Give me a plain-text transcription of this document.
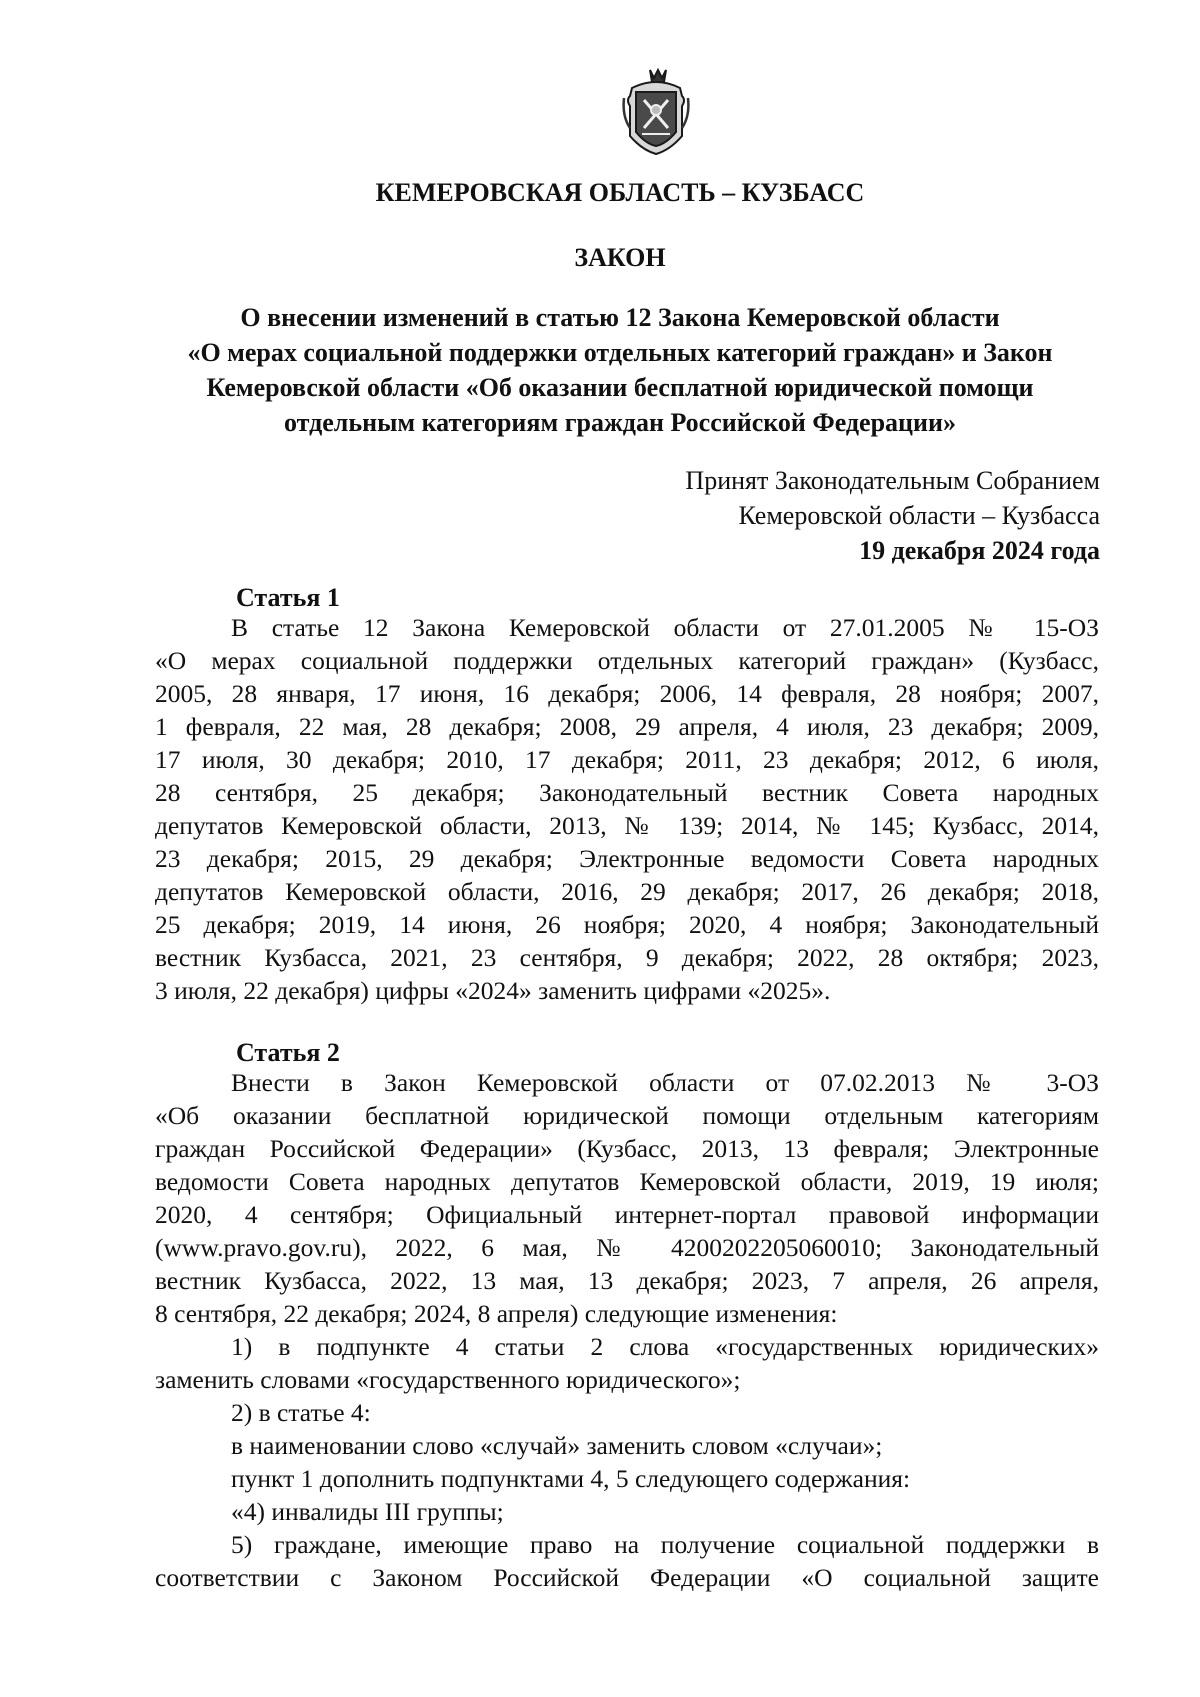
КЕМЕРОВСКАЯ ОБЛАСТЬ – КУЗБАСС
ЗАКОН
О внесении изменений в статью 12 Закона Кемеровской области
«О мерах социальной поддержки отдельных категорий граждан» и Закон
Кемеровской области «Об оказании бесплатной юридической помощи
отдельным категориям граждан Российской Федерации»
Принят Законодательным Собранием
Кемеровской области – Кузбасса
19 декабря 2024 года
Статья 1
В статье 12 Закона Кемеровской области от 27.01.2005 № 15-ОЗ
«О мерах социальной поддержки отдельных категорий граждан» (Кузбасс,
2005, 28 января, 17 июня, 16 декабря; 2006, 14 февраля, 28 ноября; 2007,
1 февраля, 22 мая, 28 декабря; 2008, 29 апреля, 4 июля, 23 декабря; 2009,
17 июля, 30 декабря; 2010, 17 декабря; 2011, 23 декабря; 2012, 6 июля,
28 сентября, 25 декабря; Законодательный вестник Совета народных
депутатов Кемеровской области, 2013, № 139; 2014, № 145; Кузбасс, 2014,
23 декабря; 2015, 29 декабря; Электронные ведомости Совета народных
депутатов Кемеровской области, 2016, 29 декабря; 2017, 26 декабря; 2018,
25 декабря; 2019, 14 июня, 26 ноября; 2020, 4 ноября; Законодательный
вестник Кузбасса, 2021, 23 сентября, 9 декабря; 2022, 28 октября; 2023,
3 июля, 22 декабря) цифры «2024» заменить цифрами «2025».
Статья 2
Внести в Закон Кемеровской области от 07.02.2013 № 3-ОЗ
«Об оказании бесплатной юридической помощи отдельным категориям
граждан Российской Федерации» (Кузбасс, 2013, 13 февраля; Электронные
ведомости Совета народных депутатов Кемеровской области, 2019, 19 июля;
2020, 4 сентября; Официальный интернет-портал правовой информации
(www.pravo.gov.ru), 2022, 6 мая, № 4200202205060010; Законодательный
вестник Кузбасса, 2022, 13 мая, 13 декабря; 2023, 7 апреля, 26 апреля,
8 сентября, 22 декабря; 2024, 8 апреля) следующие изменения:
1) в подпункте 4 статьи 2 слова «государственных юридических»
заменить словами «государственного юридического»;
2) в статье 4:
в наименовании слово «случай» заменить словом «случаи»;
пункт 1 дополнить подпунктами 4, 5 следующего содержания:
«4) инвалиды III группы;
5) граждане, имеющие право на получение социальной поддержки в
соответствии с Законом Российской Федерации «О социальной защите
